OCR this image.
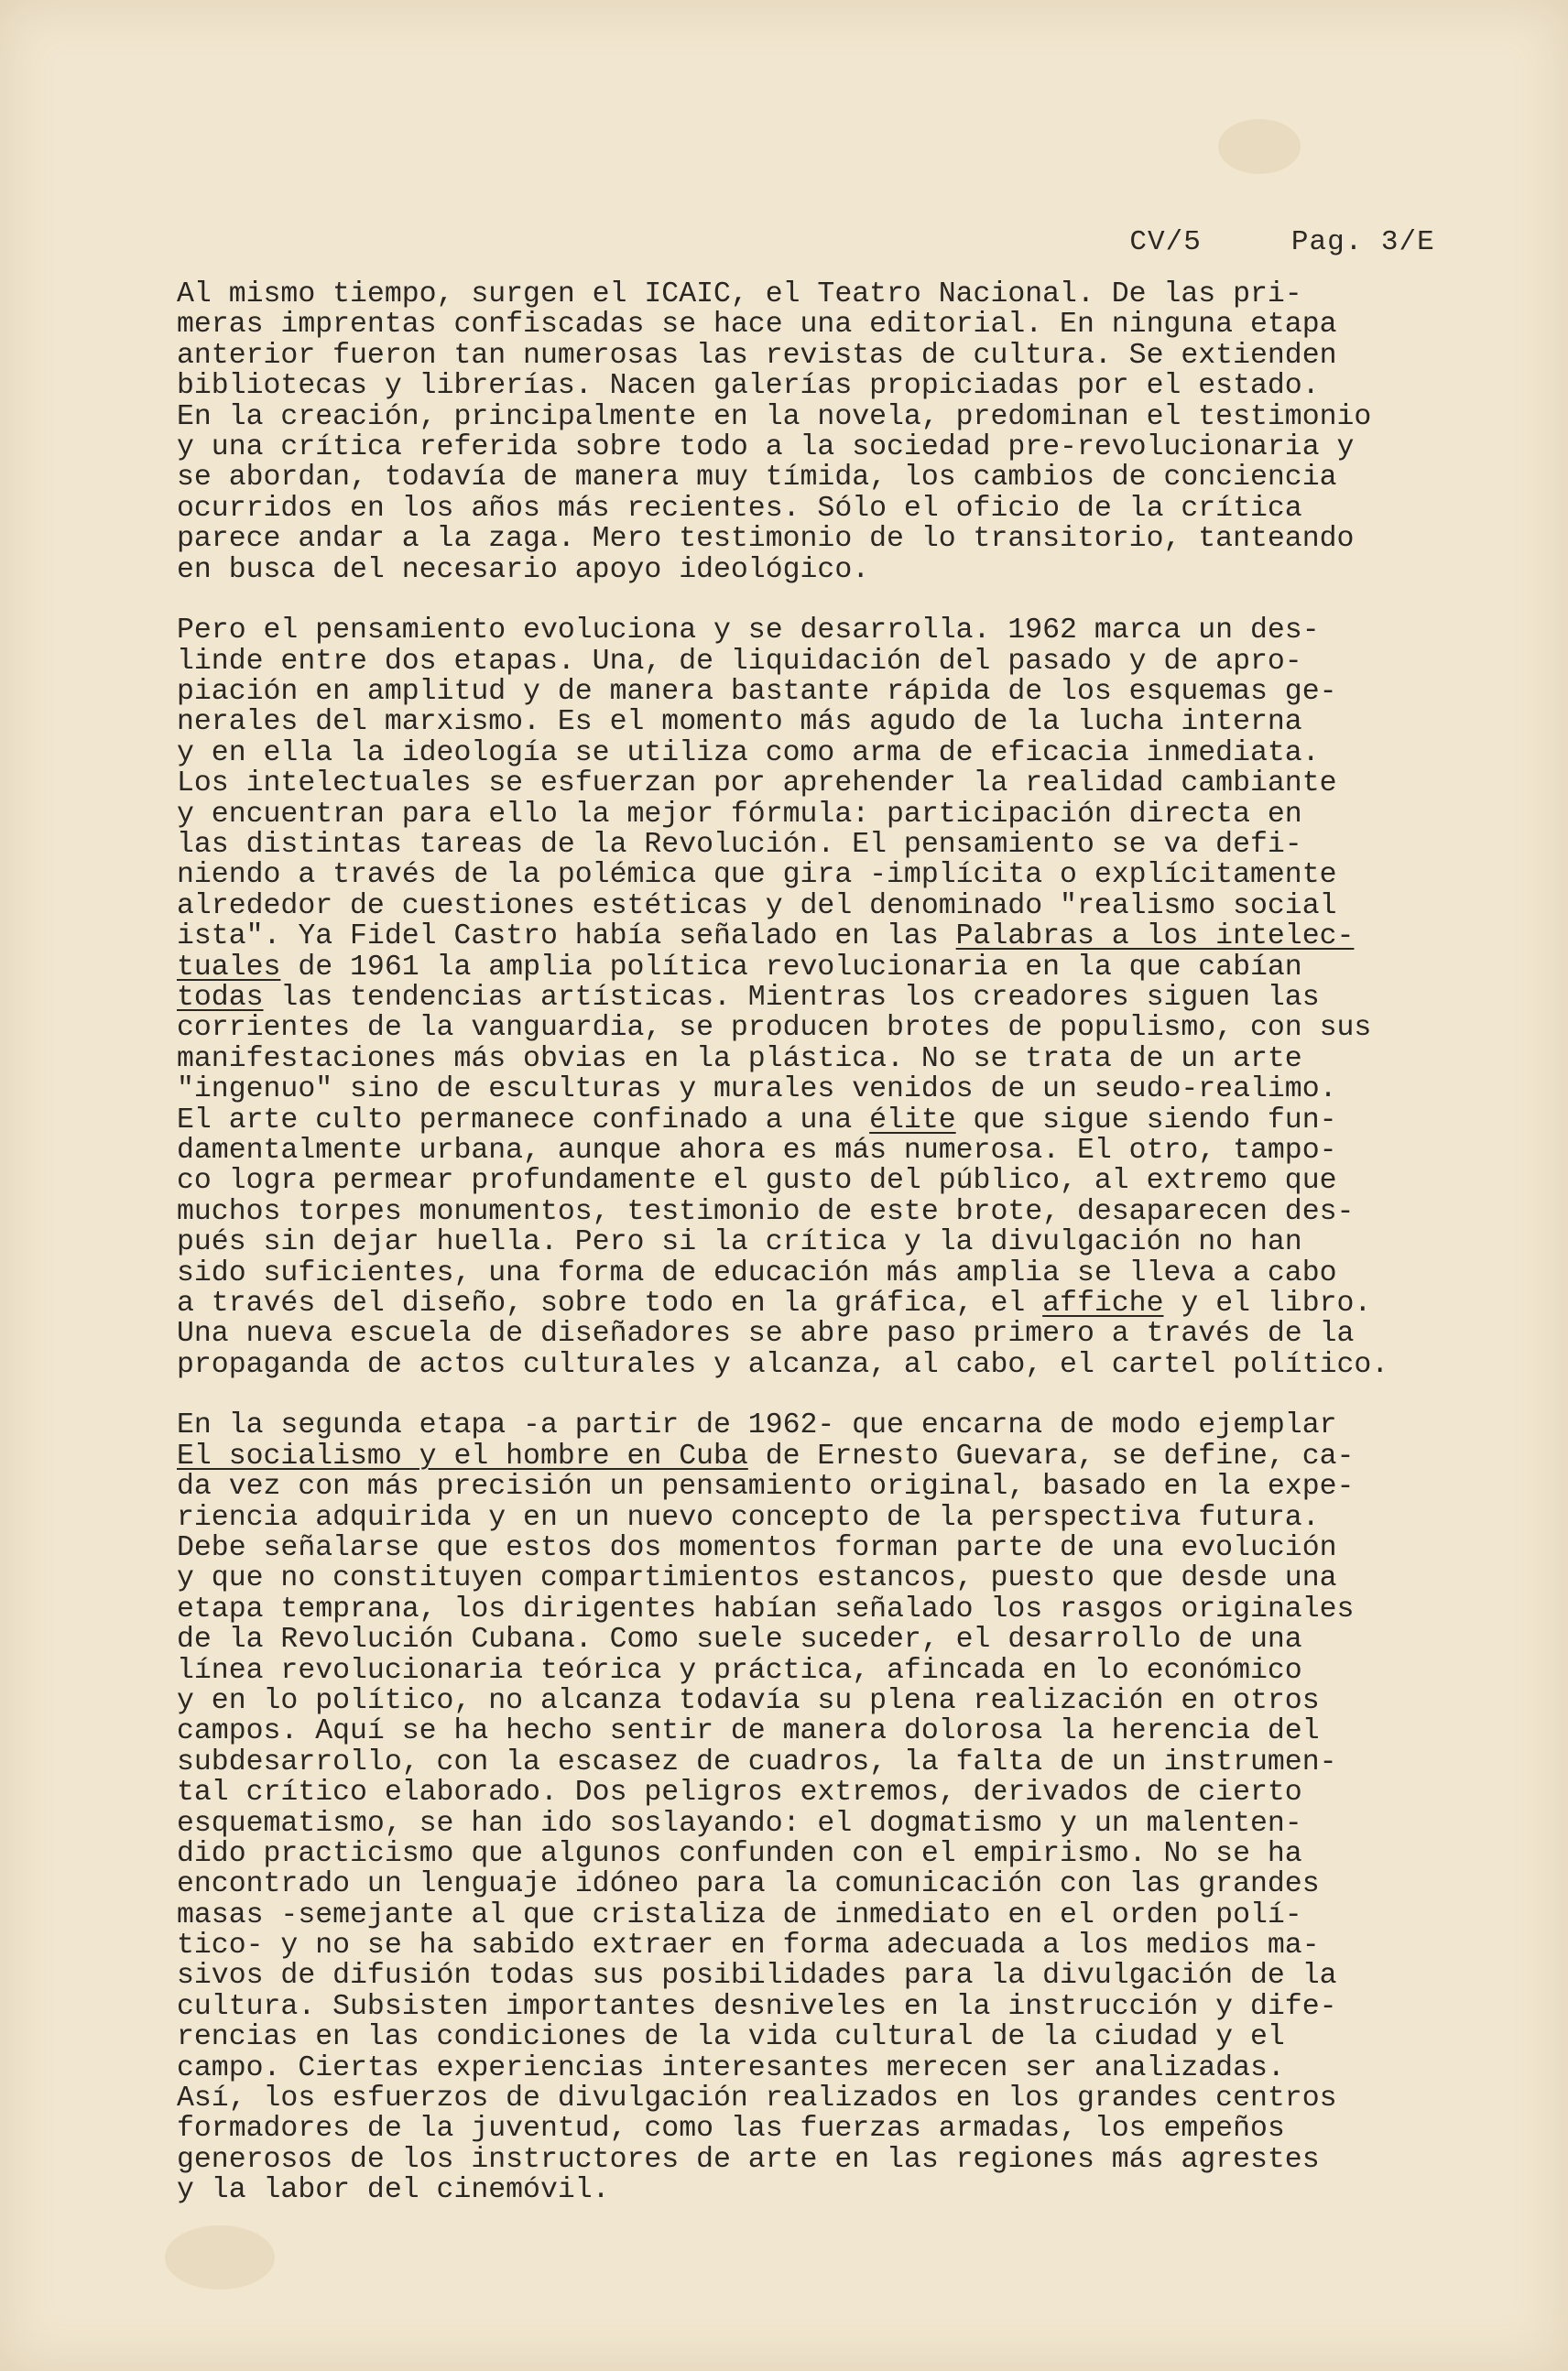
CV/5	Pag. 3/E

Al mismo tiempo, surgen el ICAIC, el Teatro Nacional. De las pri-
meras imprentas confiscadas se hace una editorial. En ninguna etapa
anterior fueron tan numerosas las revistas de cultura. Se extienden
bibliotecas y librerías. Nacen galerías propiciadas por el estado.
En la creación, principalmente en la novela, predominan el testimonio
y una crítica referida sobre todo a la sociedad pre-revolucionaria y
se abordan, todavía de manera muy tímida, los cambios de conciencia
ocurridos en los años más recientes. Sólo el oficio de la crítica
parece andar a la zaga. Mero testimonio de lo transitorio, tanteando
en busca del necesario apoyo ideológico.
Pero el pensamiento evoluciona y se desarrolla. 1962 marca un des-
linde entre dos etapas. Una, de liquidación del pasado y de apro-
piación en amplitud y de manera bastante rápida de los esquemas ge-
nerales del marxismo. Es el momento más agudo de la lucha interna
y en ella la ideología se utiliza como arma de eficacia inmediata.
Los intelectuales se esfuerzan por aprehender la realidad cambiante
y encuentran para ello la mejor fórmula: participación directa en
las distintas tareas de la Revolución. El pensamiento se va defi-
niendo a través de la polémica que gira -implícita o explícitamente
alrededor de cuestiones estéticas y del denominado "realismo social
ista". Ya Fidel Castro había señalado en las Palabras a los intelec-
tuales de 1961 la amplia política revolucionaria en la que cabían
todas las tendencias artísticas. Mientras los creadores siguen las
corrientes de la vanguardia, se producen brotes de populismo, con sus
manifestaciones más obvias en la plástica. No se trata de un arte
"ingenuo" sino de esculturas y murales venidos de un seudo-realimo.
El arte culto permanece confinado a una élite que sigue siendo fun-
damentalmente urbana, aunque ahora es más numerosa. El otro, tampo-
co logra permear profundamente el gusto del público, al extremo que
muchos torpes monumentos, testimonio de este brote, desaparecen des-
pués sin dejar huella. Pero si la crítica y la divulgación no han
sido suficientes, una forma de educación más amplia se lleva a cabo
a través del diseño, sobre todo en la gráfica, el affiche y el libro.
Una nueva escuela de diseñadores se abre paso primero a través de la
propaganda de actos culturales y alcanza, al cabo, el cartel político.
En la segunda etapa -a partir de 1962- que encarna de modo ejemplar
El socialismo y el hombre en Cuba de Ernesto Guevara, se define, ca-
da vez con más precisión un pensamiento original, basado en la expe-
riencia adquirida y en un nuevo concepto de la perspectiva futura.
Debe señalarse que estos dos momentos forman parte de una evolución
y que no constituyen compartimientos estancos, puesto que desde una
etapa temprana, los dirigentes habían señalado los rasgos originales
de la Revolución Cubana. Como suele suceder, el desarrollo de una
línea revolucionaria teórica y práctica, afincada en lo económico
y en lo político, no alcanza todavía su plena realización en otros
campos. Aquí se ha hecho sentir de manera dolorosa la herencia del
subdesarrollo, con la escasez de cuadros, la falta de un instrumen-
tal crítico elaborado. Dos peligros extremos, derivados de cierto
esquematismo, se han ido soslayando: el dogmatismo y un malenten-
dido practicismo que algunos confunden con el empirismo. No se ha
encontrado un lenguaje idóneo para la comunicación con las grandes
masas -semejante al que cristaliza de inmediato en el orden polí-
tico- y no se ha sabido extraer en forma adecuada a los medios ma-
sivos de difusión todas sus posibilidades para la divulgación de la
cultura. Subsisten importantes desniveles en la instrucción y dife-
rencias en las condiciones de la vida cultural de la ciudad y el
campo. Ciertas experiencias interesantes merecen ser analizadas.
Así, los esfuerzos de divulgación realizados en los grandes centros
formadores de la juventud, como las fuerzas armadas, los empeños
generosos de los instructores de arte en las regiones más agrestes
y la labor del cinemóvil.
